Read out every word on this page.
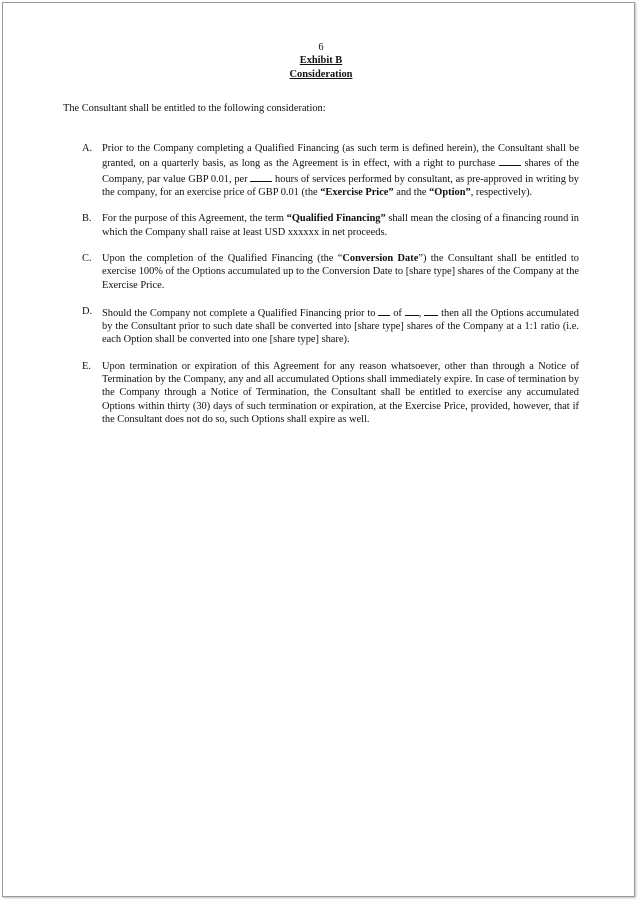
6
Exhibit B
Consideration
The Consultant shall be entitled to the following consideration:
A. Prior to the Company completing a Qualified Financing (as such term is defined herein), the Consultant shall be granted, on a quarterly basis, as long as the Agreement is in effect, with a right to purchase  shares of the Company, par value GBP 0.01, per  hours of services performed by consultant, as pre-approved in writing by the company, for an exercise price of GBP 0.01 (the “Exercise Price” and the “Option”, respectively).
B. For the purpose of this Agreement, the term “Qualified Financing” shall mean the closing of a financing round in which the Company shall raise at least USD xxxxxx in net proceeds.
C. Upon the completion of the Qualified Financing (the “Conversion Date”) the Consultant shall be entitled to exercise 100% of the Options accumulated up to the Conversion Date to [share type] shares of the Company at the Exercise Price.
D. Should the Company not complete a Qualified Financing prior to  of ,  then all the Options accumulated by the Consultant prior to such date shall be converted into [share type] shares of the Company at a 1:1 ratio (i.e. each Option shall be converted into one [share type] share).
E. Upon termination or expiration of this Agreement for any reason whatsoever, other than through a Notice of Termination by the Company, any and all accumulated Options shall immediately expire. In case of termination by the Company through a Notice of Termination, the Consultant shall be entitled to exercise any accumulated Options within thirty (30) days of such termination or expiration, at the Exercise Price, provided, however, that if the Consultant does not do so, such Options shall expire as well.
